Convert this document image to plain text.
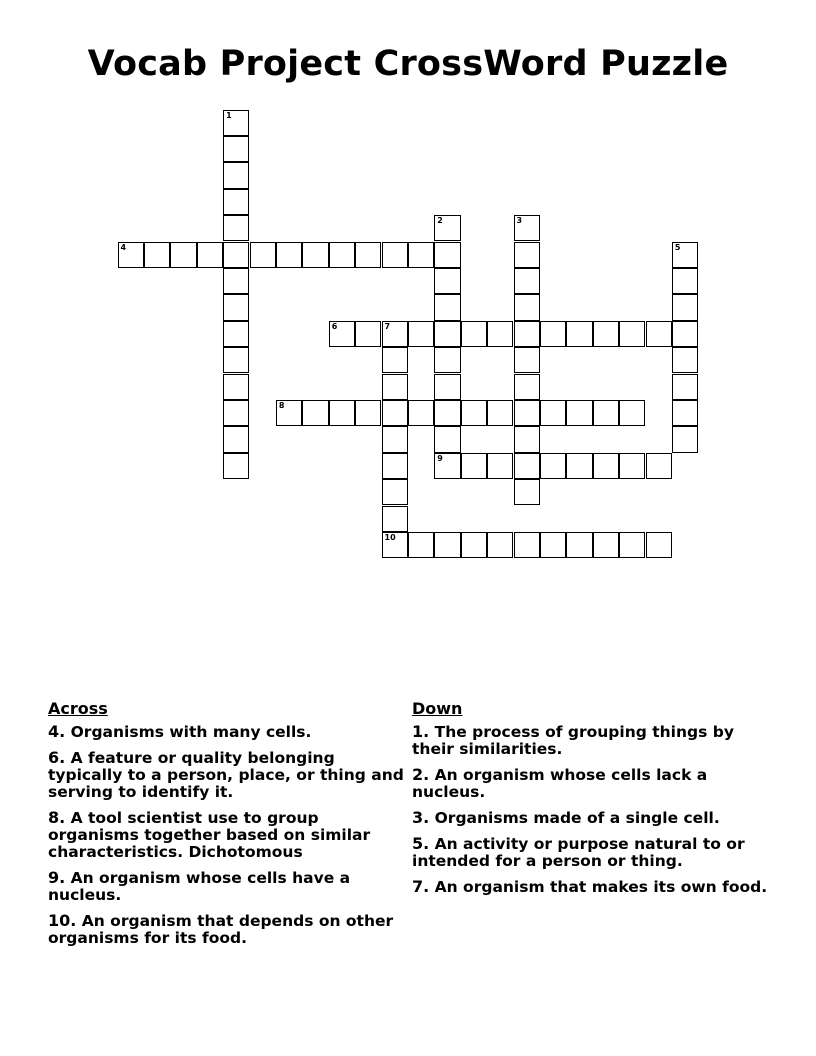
Vocab Project CrossWord Puzzle
1
2
9
3
4	5
6	7
8
10
Across
4. Organisms with many cells.
6. A feature or quality belonging typically to a person, place, or thing and serving to identify it.
8. A tool scientist use to group organisms together based on similar characteristics. Dichotomous
9. An organism whose cells have a nucleus.
10. An organism that depends on other organisms for its food.
Down
1. The process of grouping things by their similarities.
2. An organism whose cells lack a nucleus.
3. Organisms made of a single cell.
5. An activity or purpose natural to or intended for a person or thing.
7. An organism that makes its own food.
